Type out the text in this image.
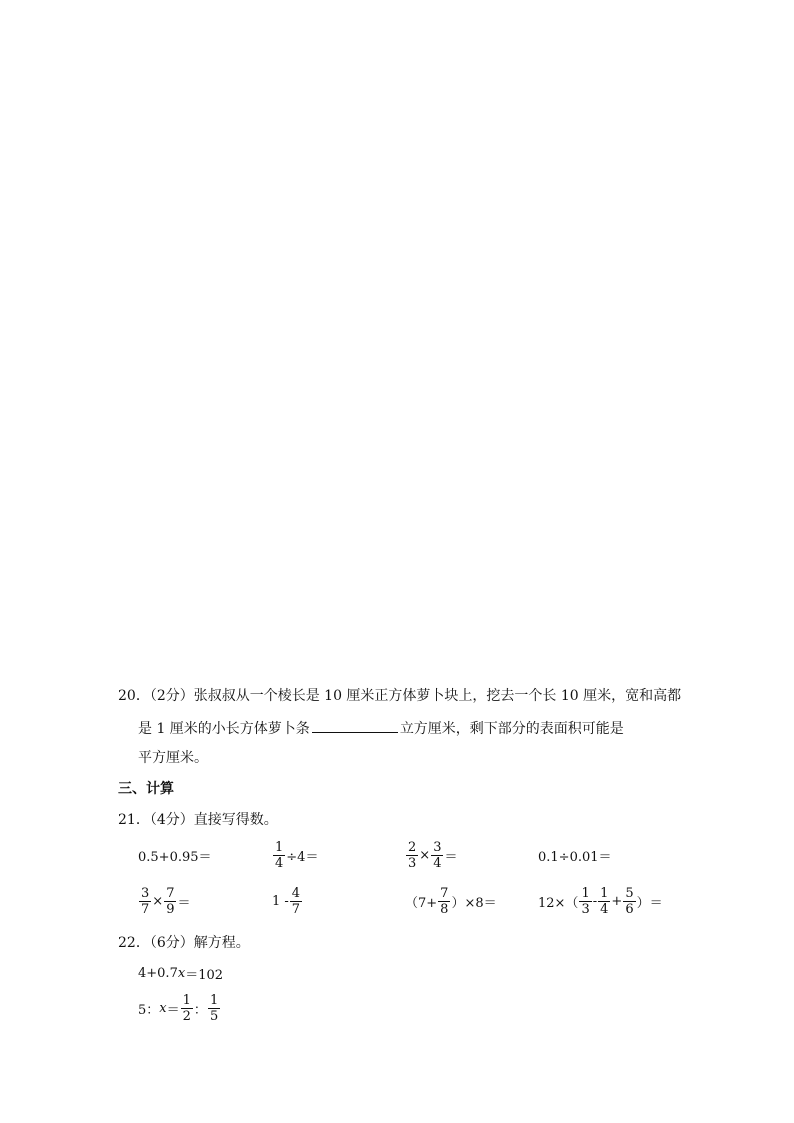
20．（2分）张叔叔从一个棱长是 10 厘米正方体萝卜块上，挖去一个长 10 厘米，宽和高都
是 1 厘米的小长方体萝卜条	立方厘米，剩下部分的表面积可能是
平方厘米。
三、计算
21．（4分）直接写得数。
0.5+0.95＝	$\frac{1}{4} \div 4=$	$\frac{2}{3} \times \frac{3}{4}$ ＝	0.1÷0.01＝
$\frac{3}{7} \times \frac{7}{9}$ ＝	$1 - \frac{4}{7}$	$(7+ \frac{7}{8} )\times 8=$	$12\times( \frac{1}{3} - \frac{1}{4} + \frac{5}{6}$ ）＝
22．（6分）解方程。
4+0.7 x ＝102
5： $x = \frac{1}{2}$ ： $\frac{1}{5}$
